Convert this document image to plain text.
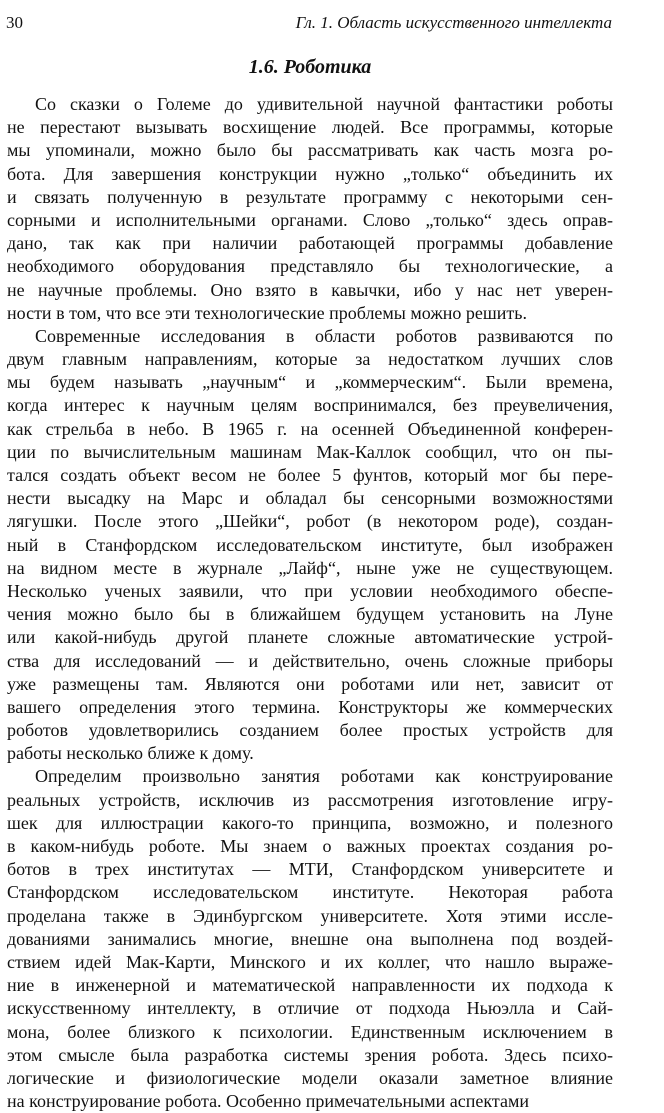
30	Гл. 1. Область искусственного интеллекта
1.6. Роботика
Со сказки о Големе до удивительной научной фантастики роботы
не перестают вызывать восхищение людей. Все программы, которые
мы упоминали, можно было бы рассматривать как часть мозга ро-
бота. Для завершения конструкции нужно „только“ объединить их
и связать полученную в результате программу с некоторыми сен-
сорными и исполнительными органами. Слово „только“ здесь оправ-
дано, так как при наличии работающей программы добавление
необходимого оборудования представляло бы технологические, а
не научные проблемы. Оно взято в кавычки, ибо у нас нет уверен-
ности в том, что все эти технологические проблемы можно решить.
Современные исследования в области роботов развиваются по
двум главным направлениям, которые за недостатком лучших слов
мы будем называть „научным“ и „коммерческим“. Были времена,
когда интерес к научным целям воспринимался, без преувеличения,
как стрельба в небо. В 1965 г. на осенней Объединенной конферен-
ции по вычислительным машинам Мак-Каллок сообщил, что он пы-
тался создать объект весом не более 5 фунтов, который мог бы пере-
нести высадку на Марс и обладал бы сенсорными возможностями
лягушки. После этого „Шейки“, робот (в некотором роде), создан-
ный в Станфордском исследовательском институте, был изображен
на видном месте в журнале „Лайф“, ныне уже не существующем.
Несколько ученых заявили, что при условии необходимого обеспе-
чения можно было бы в ближайшем будущем установить на Луне
или какой-нибудь другой планете сложные автоматические устрой-
ства для исследований — и действительно, очень сложные приборы
уже размещены там. Являются они роботами или нет, зависит от
вашего определения этого термина. Конструкторы же коммерческих
роботов удовлетворились созданием более простых устройств для
работы несколько ближе к дому.
Определим произвольно занятия роботами как конструирование
реальных устройств, исключив из рассмотрения изготовление игру-
шек для иллюстрации какого-то принципа, возможно, и полезного
в каком-нибудь роботе. Мы знаем о важных проектах создания ро-
ботов в трех институтах — МТИ, Станфордском университете и
Станфордском исследовательском институте. Некоторая работа
проделана также в Эдинбургском университете. Хотя этими иссле-
дованиями занимались многие, внешне она выполнена под воздей-
ствием идей Мак-Карти, Минского и их коллег, что нашло выраже-
ние в инженерной и математической направленности их подхода к
искусственному интеллекту, в отличие от подхода Ньюэлла и Сай-
мона, более близкого к психологии. Единственным исключением в
этом смысле была разработка системы зрения робота. Здесь психо-
логические и физиологические модели оказали заметное влияние
на конструирование робота. Особенно примечательными аспектами
